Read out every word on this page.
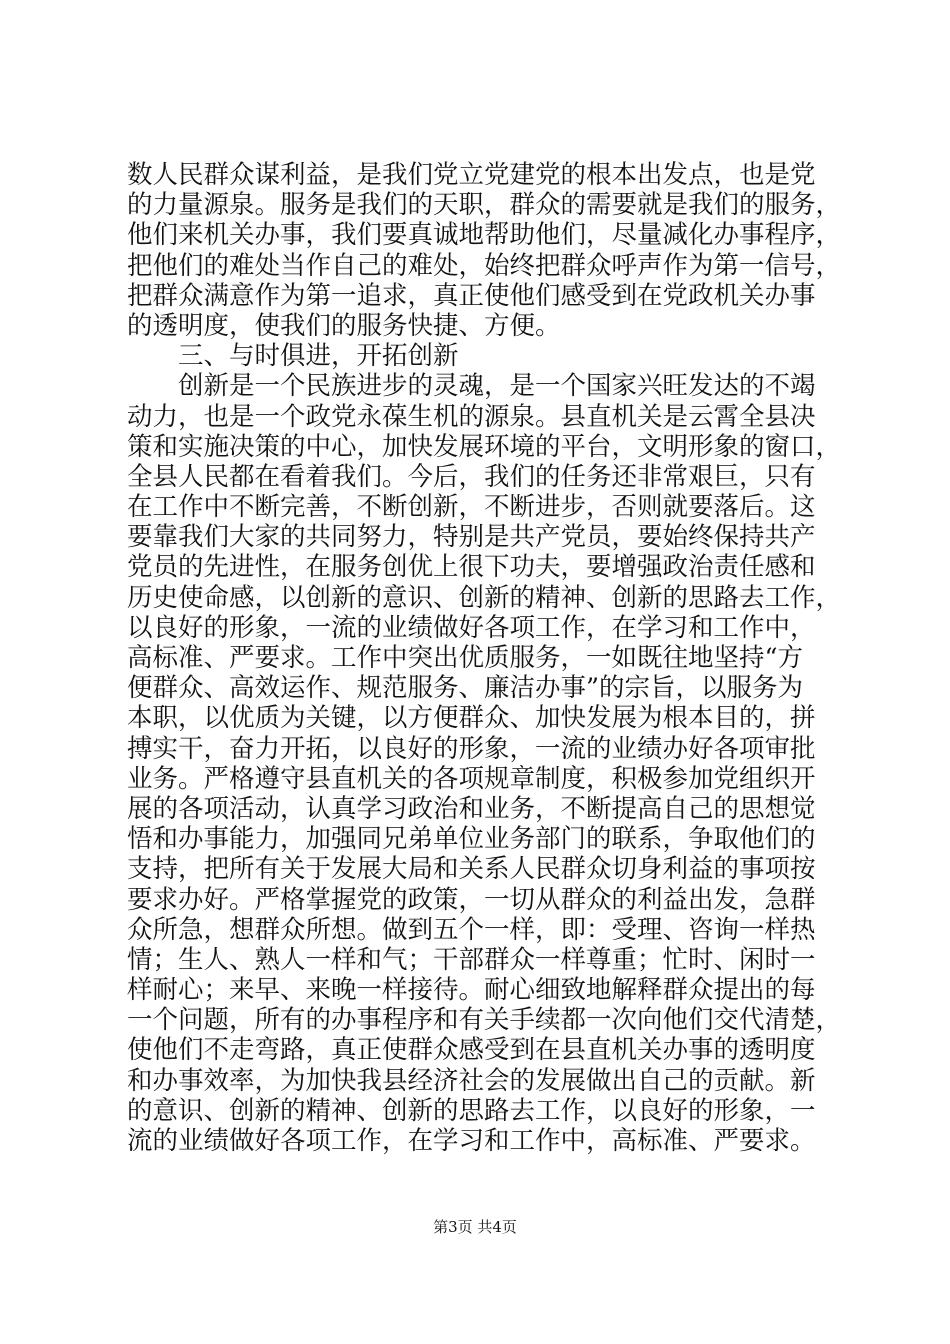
数人民群众谋利益，是我们党立党建党的根本出发点，也是党
的力量源泉。服务是我们的天职，群众的需要就是我们的服务，
他们来机关办事，我们要真诚地帮助他们，尽量减化办事程序，
把他们的难处当作自己的难处，始终把群众呼声作为第一信号，
把群众满意作为第一追求，真正使他们感受到在党政机关办事
的透明度，使我们的服务快捷、方便。
三、与时俱进，开拓创新
创新是一个民族进步的灵魂，是一个国家兴旺发达的不竭
动力，也是一个政党永葆生机的源泉。县直机关是云霄全县决
策和实施决策的中心，加快发展环境的平台，文明形象的窗口，
全县人民都在看着我们。今后，我们的任务还非常艰巨，只有
在工作中不断完善，不断创新，不断进步，否则就要落后。这
要靠我们大家的共同努力，特别是共产党员，要始终保持共产
党员的先进性，在服务创优上很下功夫，要增强政治责任感和
历史使命感，以创新的意识、创新的精神、创新的思路去工作，
以良好的形象，一流的业绩做好各项工作，在学习和工作中，
高标准、严要求。工作中突出优质服务，一如既往地坚持“方
便群众、高效运作、规范服务、廉洁办事”的宗旨，以服务为
本职，以优质为关键，以方便群众、加快发展为根本目的，拼
搏实干，奋力开拓，以良好的形象，一流的业绩办好各项审批
业务。严格遵守县直机关的各项规章制度，积极参加党组织开
展的各项活动，认真学习政治和业务，不断提高自己的思想觉
悟和办事能力，加强同兄弟单位业务部门的联系，争取他们的
支持，把所有关于发展大局和关系人民群众切身利益的事项按
要求办好。严格掌握党的政策，一切从群众的利益出发，急群
众所急，想群众所想。做到五个一样，即：受理、咨询一样热
情；生人、熟人一样和气；干部群众一样尊重；忙时、闲时一
样耐心；来早、来晚一样接待。耐心细致地解释群众提出的每
一个问题，所有的办事程序和有关手续都一次向他们交代清楚，
使他们不走弯路，真正使群众感受到在县直机关办事的透明度
和办事效率，为加快我县经济社会的发展做出自己的贡献。新
的意识、创新的精神、创新的思路去工作，以良好的形象，一
流的业绩做好各项工作，在学习和工作中，高标准、严要求。
第3页 共4页
